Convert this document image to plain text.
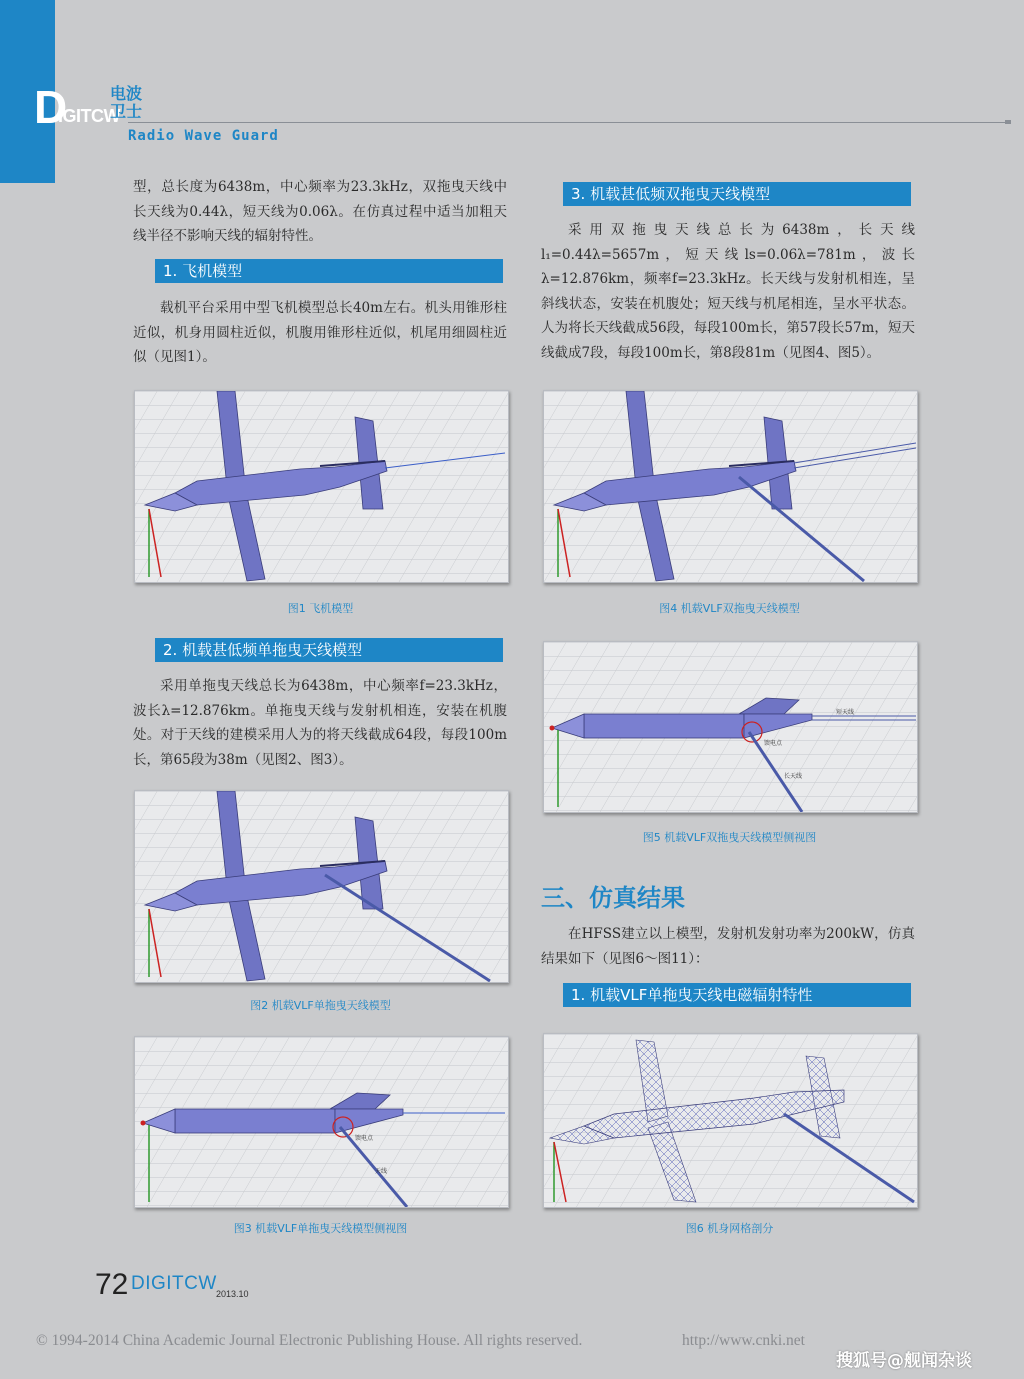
D
IGITCW
电波卫士
Radio Wave Guard

型，总长度为6438m，中心频率为23.3kHz，双拖曳天线中长天线为0.44λ，短天线为0.06λ。在仿真过程中适当加粗天线半径不影响天线的辐射特性。

1. 飞机模型

载机平台采用中型飞机模型总长40m左右。机头用锥形柱近似，机身用圆柱近似，机腹用锥形柱近似，机尾用细圆柱近似（见图1）。

图1 飞机模型
2. 机载甚低频单拖曳天线模型

采用单拖曳天线总长为6438m，中心频率f=23.3kHz，波长λ=12.876km。单拖曳天线与发射机相连，安装在机腹处。对于天线的建模采用人为的将天线截成64段，每段100m长，第65段为38m（见图2、图3）。

图2 机载VLF单拖曳天线模型
馈电点
天线
图3 机载VLF单拖曳天线模型侧视图
3. 机载甚低频双拖曳天线模型

采用双拖曳天线总长为6438m，长天线l₁=0.44λ=5657m，短天线ls=0.06λ=781m，波长λ=12.876km，频率f=23.3kHz。长天线与发射机相连，呈斜线状态，安装在机腹处；短天线与机尾相连，呈水平状态。人为将长天线截成56段，每段100m长，第57段长57m，短天线截成7段，每段100m长，第8段81m（见图4、图5）。

图4 机载VLF双拖曳天线模型
短天线
馈电点
长天线
图5 机载VLF双拖曳天线模型侧视图
三、仿真结果

在HFSS建立以上模型，发射机发射功率为200kW，仿真结果如下（见图6～图11）：

1. 机载VLF单拖曳天线电磁辐射特性
图6 机身网格剖分
72 DIGITCW 2013.10
© 1994-2014 China Academic Journal Electronic Publishing House. All rights reserved.	http://www.cnki.net
搜狐号@舰闻杂谈
